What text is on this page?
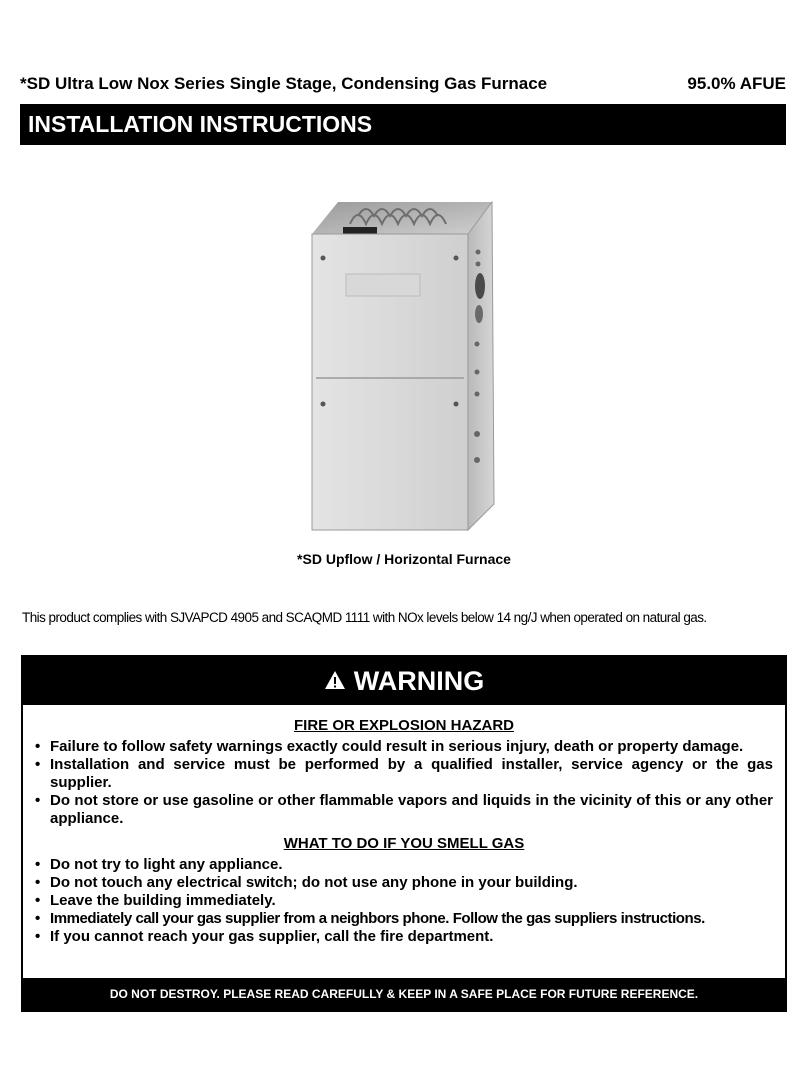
*SD Ultra Low Nox Series Single Stage, Condensing Gas Furnace	95.0% AFUE
INSTALLATION INSTRUCTIONS
*SD Upflow / Horizontal Furnace
This product complies with SJVAPCD 4905 and SCAQMD 1111 with NOx levels below 14 ng/J when operated on natural gas.
WARNING
FIRE OR EXPLOSION HAZARD
• Failure to follow safety warnings exactly could result in serious injury, death or property damage.
• Installation and service must be performed by a qualified installer, service agency or the gas supplier.
• Do not store or use gasoline or other flammable vapors and liquids in the vicinity of this or any other appliance.
WHAT TO DO IF YOU SMELL GAS
• Do not try to light any appliance.
• Do not touch any electrical switch; do not use any phone in your building.
• Leave the building immediately.
• Immediately call your gas supplier from a neighbors phone. Follow the gas suppliers instructions.
• If you cannot reach your gas supplier, call the fire department.
DO NOT DESTROY. PLEASE READ CAREFULLY & KEEP IN A SAFE PLACE FOR FUTURE REFERENCE.
